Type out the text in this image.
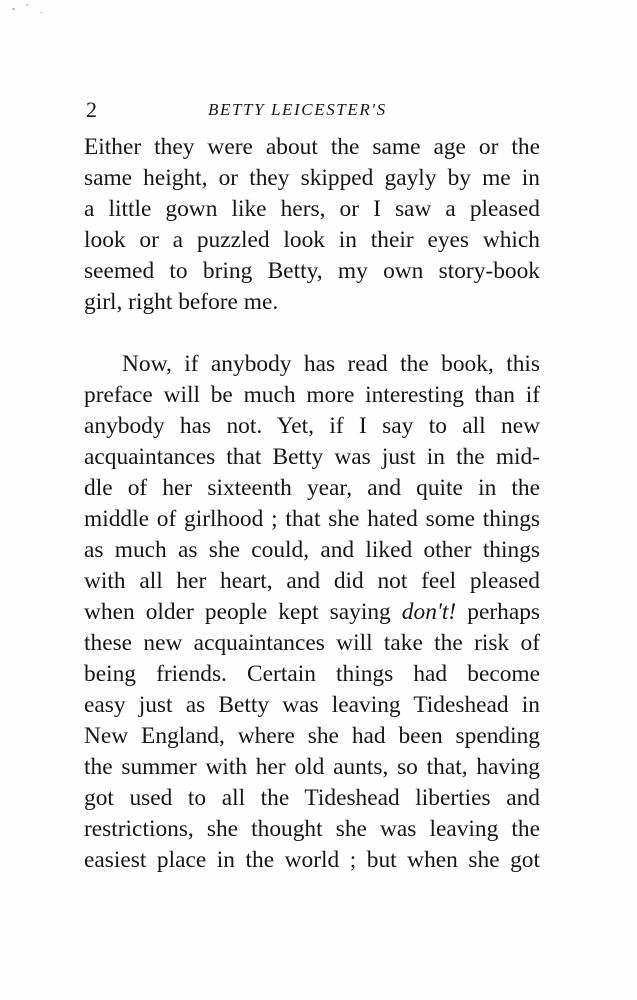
2	BETTY LEICESTER'S
Either they were about the same age or the
same height, or they skipped gayly by me in
a little gown like hers, or I saw a pleased
look or a puzzled look in their eyes which
seemed to bring Betty, my own story-book
girl, right before me.
Now, if anybody has read the book, this
preface will be much more interesting than if
anybody has not. Yet, if I say to all new
acquaintances that Betty was just in the mid-
dle of her sixteenth year, and quite in the
middle of girlhood ; that she hated some things
as much as she could, and liked other things
with all her heart, and did not feel pleased
when older people kept saying don't! perhaps
these new acquaintances will take the risk of
being friends. Certain things had become
easy just as Betty was leaving Tideshead in
New England, where she had been spending
the summer with her old aunts, so that, having
got used to all the Tideshead liberties and
restrictions, she thought she was leaving the
easiest place in the world ; but when she got
